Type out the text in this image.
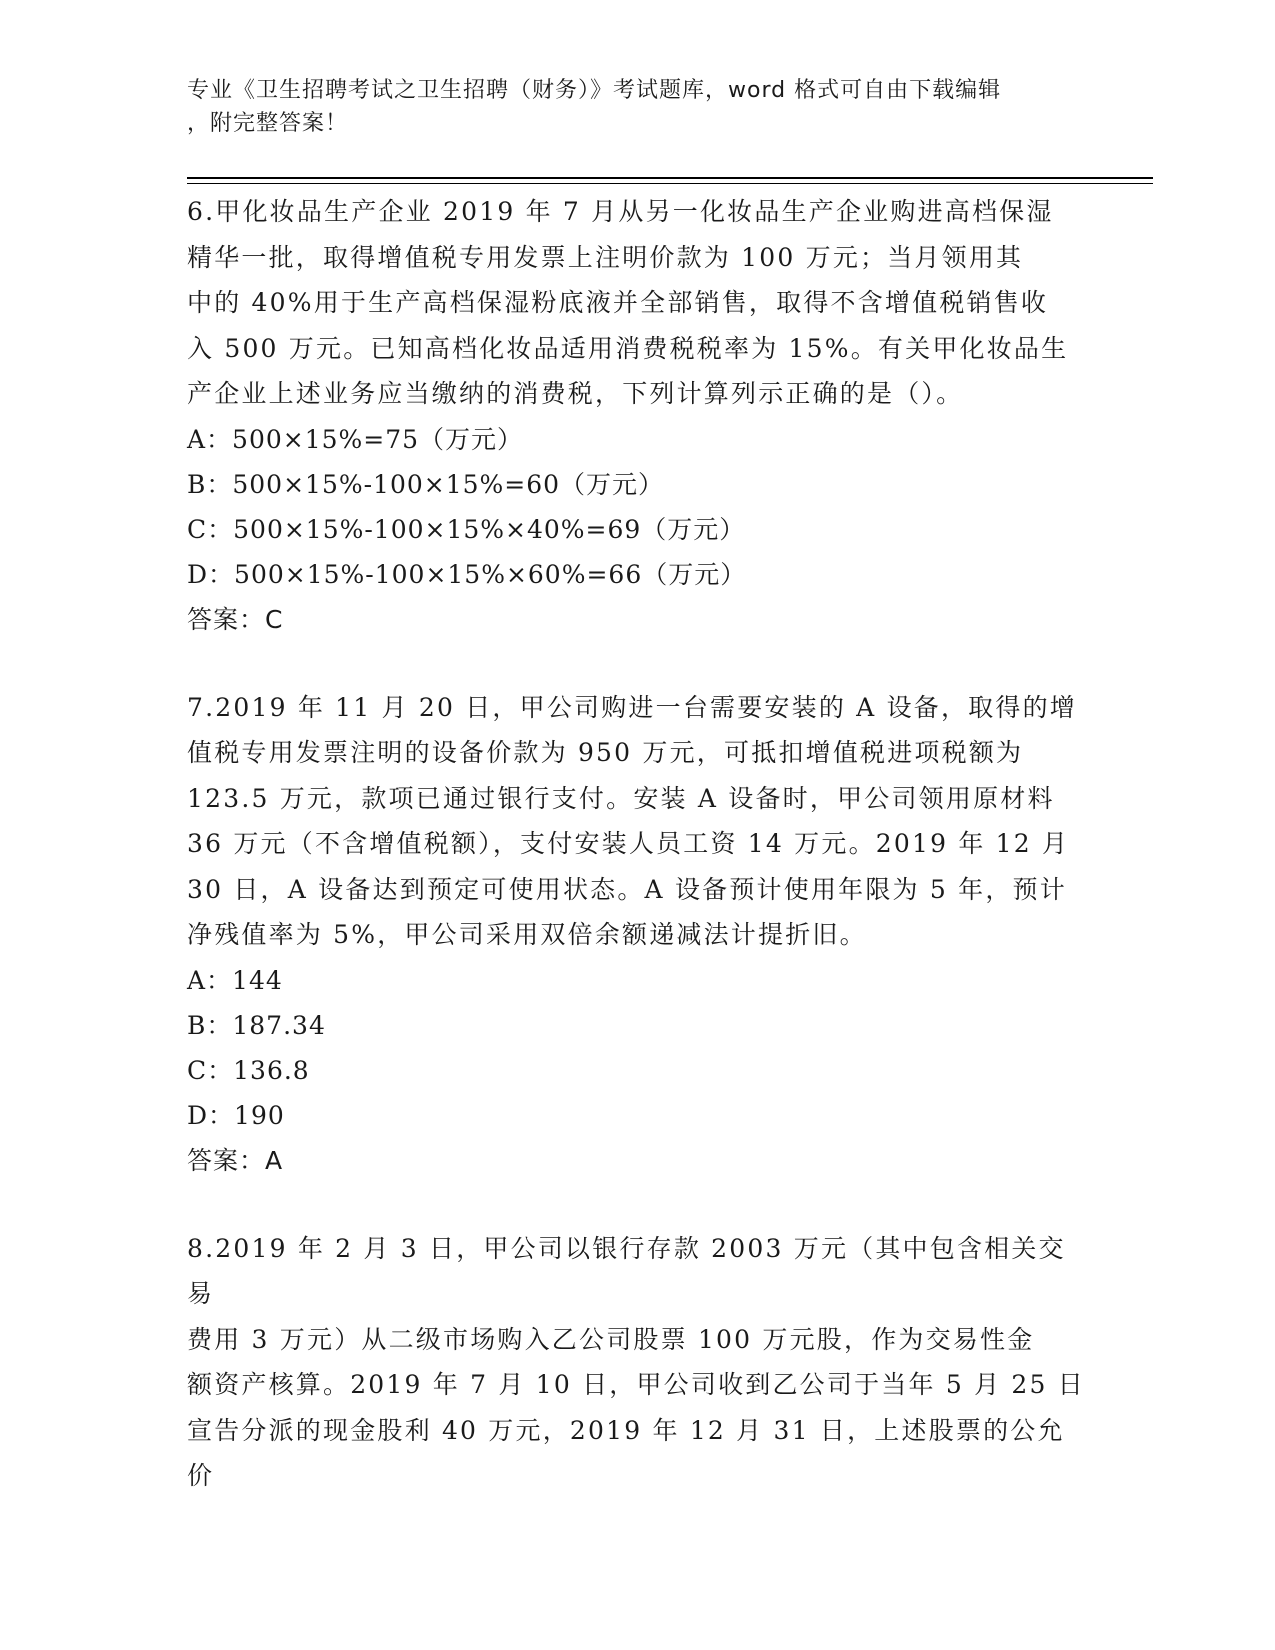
专业《卫生招聘考试之卫生招聘（财务）》考试题库，word 格式可自由下载编辑
，附完整答案！
6.甲化妆品生产企业 2019 年 7 月从另一化妆品生产企业购进高档保湿
精华一批，取得增值税专用发票上注明价款为 100 万元；当月领用其
中的 40%用于生产高档保湿粉底液并全部销售，取得不含增值税销售收
入 500 万元。已知高档化妆品适用消费税税率为 15%。有关甲化妆品生
产企业上述业务应当缴纳的消费税，下列计算列示正确的是（）。
A：500×15%=75（万元）
B：500×15%-100×15%=60（万元）
C：500×15%-100×15%×40%=69（万元）
D：500×15%-100×15%×60%=66（万元）
答案：C
7.2019 年 11 月 20 日，甲公司购进一台需要安装的 A 设备，取得的增
值税专用发票注明的设备价款为 950 万元，可抵扣增值税进项税额为
123.5 万元，款项已通过银行支付。安装 A 设备时，甲公司领用原材料
36 万元（不含增值税额），支付安装人员工资 14 万元。2019 年 12 月
30 日，A 设备达到预定可使用状态。A 设备预计使用年限为 5 年，预计
净残值率为 5%，甲公司采用双倍余额递减法计提折旧。
A：144
B：187.34
C：136.8
D：190
答案：A
8.2019 年 2 月 3 日，甲公司以银行存款 2003 万元（其中包含相关交易
费用 3 万元）从二级市场购入乙公司股票 100 万元股，作为交易性金
额资产核算。2019 年 7 月 10 日，甲公司收到乙公司于当年 5 月 25 日
宣告分派的现金股利 40 万元，2019 年 12 月 31 日，上述股票的公允价
